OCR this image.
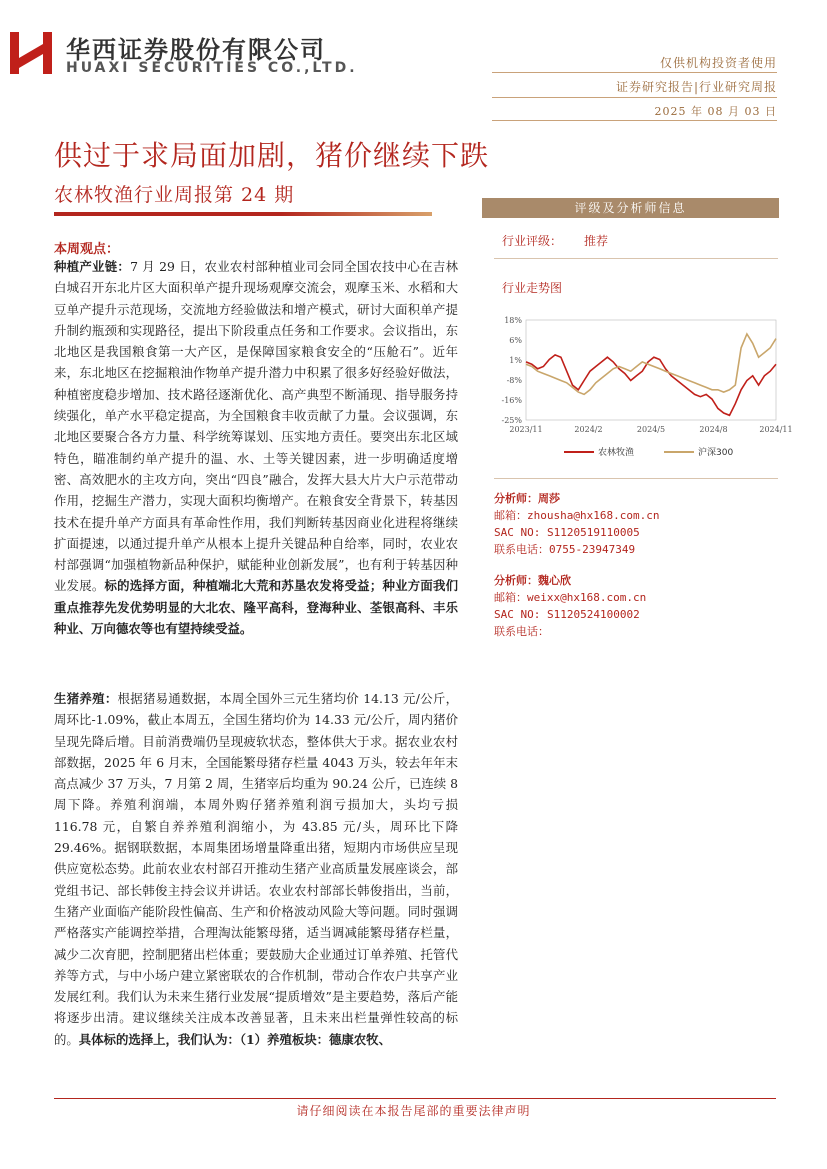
华西证券股份有限公司
HUAXI SECURITIES CO.,LTD.	仅供机构投资者使用
证券研究报告|行业研究周报
2025 年 08 月 03 日
供过于求局面加剧，猪价继续下跌
农林牧渔行业周报第 24 期
评级及分析师信息
行业评级： 推荐
行业走势图
18%
6%
1%
-8%
-16%
-25%
2023/11	2024/2	2024/5	2024/8	2024/11
农林牧渔	沪深300
分析师：周莎
邮箱：zhousha@hx168.com.cn
SAC NO: S1120519110005
联系电话：0755-23947349
分析师：魏心欣
邮箱：weixx@hx168.com.cn
SAC NO: S1120524100002
联系电话：
本周观点：
种植产业链：7 月 29 日，农业农村部种植业司会同全国农技中心在吉林白城召开东北片区大面积单产提升现场观摩交流会，观摩玉米、水稻和大豆单产提升示范现场，交流地方经验做法和增产模式，研讨大面积单产提升制约瓶颈和实现路径，提出下阶段重点任务和工作要求。会议指出，东北地区是我国粮食第一大产区，是保障国家粮食安全的“压舱石”。近年来，东北地区在挖掘粮油作物单产提升潜力中积累了很多好经验好做法，种植密度稳步增加、技术路径逐渐优化、高产典型不断涌现、指导服务持续强化，单产水平稳定提高，为全国粮食丰收贡献了力量。会议强调，东北地区要聚合各方力量、科学统筹谋划、压实地方责任。要突出东北区域特色，瞄准制约单产提升的温、水、土等关键因素，进一步明确适度增密、高效肥水的主攻方向，突出“四良”融合，发挥大县大片大户示范带动作用，挖掘生产潜力，实现大面积均衡增产。在粮食安全背景下，转基因技术在提升单产方面具有革命性作用，我们判断转基因商业化进程将继续扩面提速，以通过提升单产从根本上提升关键品种自给率，同时，农业农村部强调“加强植物新品种保护，赋能种业创新发展”，也有利于转基因种业发展。标的选择方面，种植端北大荒和苏垦农发将受益；种业方面我们重点推荐先发优势明显的大北农、隆平高科，登海种业、荃银高科、丰乐种业、万向德农等也有望持续受益。
生猪养殖：根据猪易通数据，本周全国外三元生猪均价 14.13 元/公斤，周环比-1.09%，截止本周五，全国生猪均价为 14.33 元/公斤，周内猪价呈现先降后增。目前消费端仍呈现疲软状态，整体供大于求。据农业农村部数据，2025 年 6 月末，全国能繁母猪存栏量 4043 万头，较去年年末高点减少 37 万头，7 月第 2 周，生猪宰后均重为 90.24 公斤，已连续 8 周下降。养殖利润端，本周外购仔猪养殖利润亏损加大，头均亏损 116.78 元，自繁自养养殖利润缩小，为 43.85 元/头，周环比下降 29.46%。据钢联数据，本周集团场增量降重出猪，短期内市场供应呈现供应宽松态势。此前农业农村部召开推动生猪产业高质量发展座谈会，部党组书记、部长韩俊主持会议并讲话。农业农村部部长韩俊指出，当前，生猪产业面临产能阶段性偏高、生产和价格波动风险大等问题。同时强调严格落实产能调控举措，合理淘汰能繁母猪，适当调减能繁母猪存栏量，减少二次育肥，控制肥猪出栏体重；要鼓励大企业通过订单养殖、托管代养等方式，与中小场户建立紧密联农的合作机制，带动合作农户共享产业发展红利。我们认为未来生猪行业发展“提质增效”是主要趋势，落后产能将逐步出清。建议继续关注成本改善显著，且未来出栏量弹性较高的标的。具体标的选择上，我们认为：（1）养殖板块：德康农牧、
请仔细阅读在本报告尾部的重要法律声明
